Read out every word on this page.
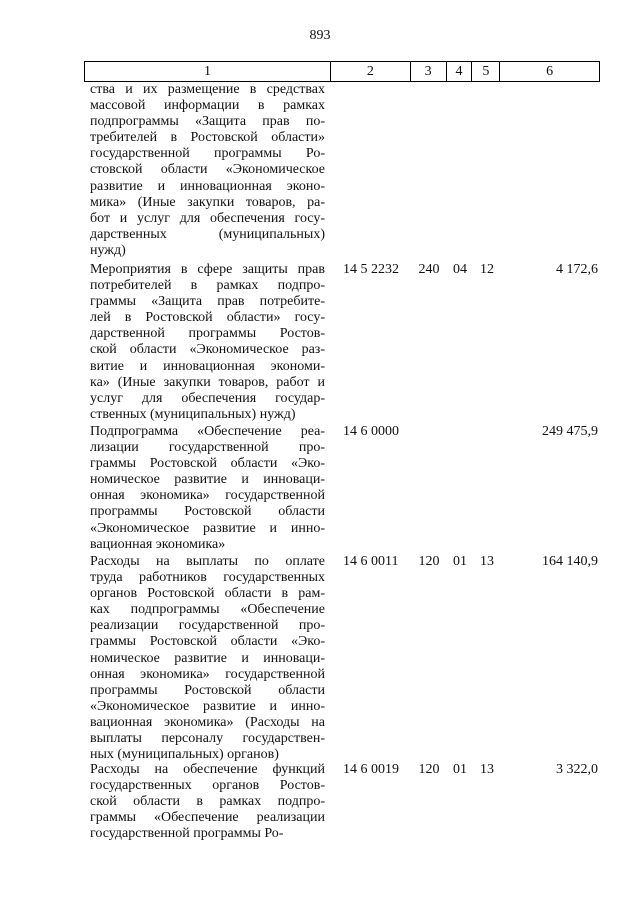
893
1	2	3	4	5	6
ства и их размещение в средствах
массовой информации в рамках
подпрограммы «Защита прав по-
требителей в Ростовской области»
государственной программы Ро-
стовской области «Экономическое
развитие и инновационная эконо-
мика» (Иные закупки товаров, ра-
бот и услуг для обеспечения госу-
дарственных (муниципальных)
нужд)
Мероприятия в сфере защиты прав
потребителей в рамках подпро-
граммы «Защита прав потребите-
лей в Ростовской области» госу-
дарственной программы Ростов-
ской области «Экономическое раз-
витие и инновационная экономи-
ка» (Иные закупки товаров, работ и
услуг для обеспечения государ-
ственных (муниципальных) нужд)
14 5 2232	240 04 12	4 172,6
Подпрограмма «Обеспечение реа-
лизации государственной про-
граммы Ростовской области «Эко-
номическое развитие и инноваци-
онная экономика» государственной
программы Ростовской области
«Экономическое развитие и инно-
вационная экономика»
14 6 0000	249 475,9
Расходы на выплаты по оплате
труда работников государственных
органов Ростовской области в рам-
ках подпрограммы «Обеспечение
реализации государственной про-
граммы Ростовской области «Эко-
номическое развитие и инноваци-
онная экономика» государственной
программы Ростовской области
«Экономическое развитие и инно-
вационная экономика» (Расходы на
выплаты персоналу государствен-
ных (муниципальных) органов)
14 6 0011	120 01 13	164 140,9
Расходы на обеспечение функций
государственных органов Ростов-
ской области в рамках подпро-
граммы «Обеспечение реализации
государственной программы Ро-
14 6 0019	120 01 13	3 322,0
